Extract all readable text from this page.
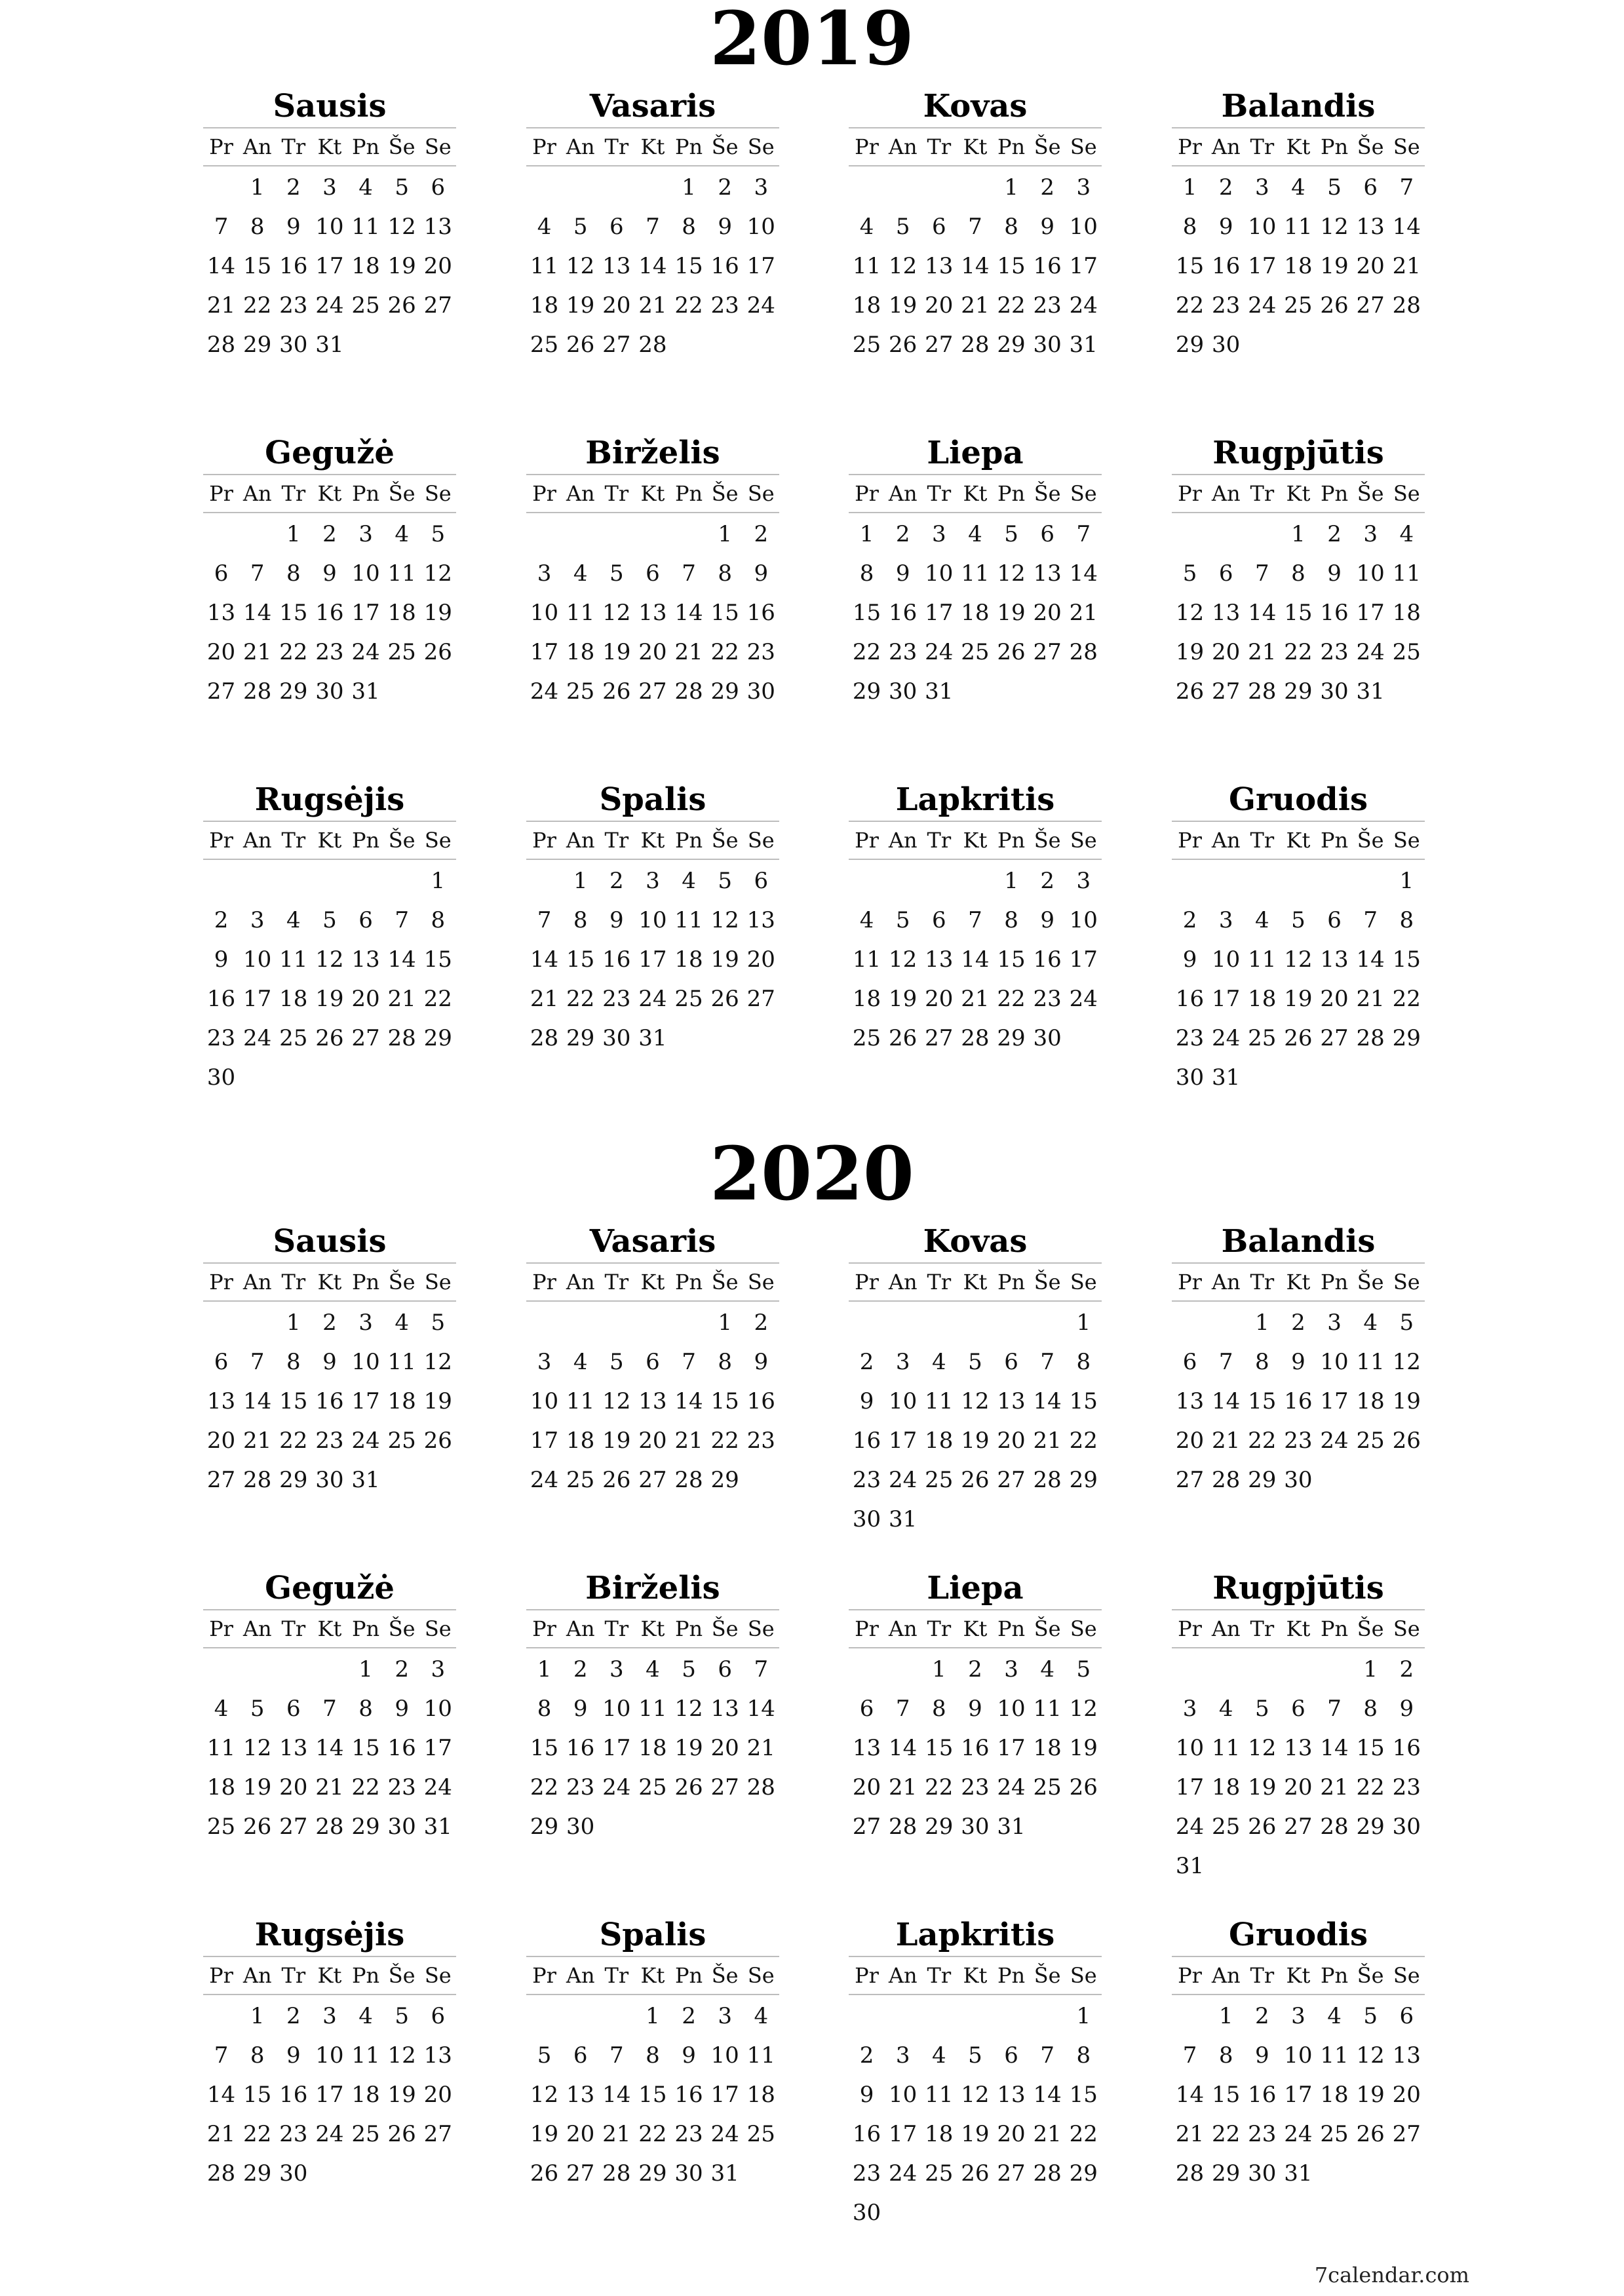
2019
Sausis
Pr An Tr Kt Pn Še Se
1 2 3 4 5 6
7 8 9 10 11 12 13
14 15 16 17 18 19 20
21 22 23 24 25 26 27
28 29 30 31
Vasaris
Pr An Tr Kt Pn Še Se
1 2 3
4 5 6 7 8 9 10
11 12 13 14 15 16 17
18 19 20 21 22 23 24
25 26 27 28
Kovas
Pr An Tr Kt Pn Še Se
1 2 3
4 5 6 7 8 9 10
11 12 13 14 15 16 17
18 19 20 21 22 23 24
25 26 27 28 29 30 31
Balandis
Pr An Tr Kt Pn Še Se
1 2 3 4 5 6 7
8 9 10 11 12 13 14
15 16 17 18 19 20 21
22 23 24 25 26 27 28
29 30
Gegužė
Pr An Tr Kt Pn Še Se
1 2 3 4 5
6 7 8 9 10 11 12
13 14 15 16 17 18 19
20 21 22 23 24 25 26
27 28 29 30 31
Birželis
Pr An Tr Kt Pn Še Se
1 2
3 4 5 6 7 8 9
10 11 12 13 14 15 16
17 18 19 20 21 22 23
24 25 26 27 28 29 30
Liepa
Pr An Tr Kt Pn Še Se
1 2 3 4 5 6 7
8 9 10 11 12 13 14
15 16 17 18 19 20 21
22 23 24 25 26 27 28
29 30 31
Rugpjūtis
Pr An Tr Kt Pn Še Se
1 2 3 4
5 6 7 8 9 10 11
12 13 14 15 16 17 18
19 20 21 22 23 24 25
26 27 28 29 30 31
Rugsėjis
Pr An Tr Kt Pn Še Se
1
2 3 4 5 6 7 8
9 10 11 12 13 14 15
16 17 18 19 20 21 22
23 24 25 26 27 28 29
30
Spalis
Pr An Tr Kt Pn Še Se
1 2 3 4 5 6
7 8 9 10 11 12 13
14 15 16 17 18 19 20
21 22 23 24 25 26 27
28 29 30 31
Lapkritis
Pr An Tr Kt Pn Še Se
1 2 3
4 5 6 7 8 9 10
11 12 13 14 15 16 17
18 19 20 21 22 23 24
25 26 27 28 29 30
Gruodis
Pr An Tr Kt Pn Še Se
1
2 3 4 5 6 7 8
9 10 11 12 13 14 15
16 17 18 19 20 21 22
23 24 25 26 27 28 29
30 31
2020
Sausis
Pr An Tr Kt Pn Še Se
1 2 3 4 5
6 7 8 9 10 11 12
13 14 15 16 17 18 19
20 21 22 23 24 25 26
27 28 29 30 31
Vasaris
Pr An Tr Kt Pn Še Se
1 2
3 4 5 6 7 8 9
10 11 12 13 14 15 16
17 18 19 20 21 22 23
24 25 26 27 28 29
Kovas
Pr An Tr Kt Pn Še Se
1
2 3 4 5 6 7 8
9 10 11 12 13 14 15
16 17 18 19 20 21 22
23 24 25 26 27 28 29
30 31
Balandis
Pr An Tr Kt Pn Še Se
1 2 3 4 5
6 7 8 9 10 11 12
13 14 15 16 17 18 19
20 21 22 23 24 25 26
27 28 29 30
Gegužė
Pr An Tr Kt Pn Še Se
1 2 3
4 5 6 7 8 9 10
11 12 13 14 15 16 17
18 19 20 21 22 23 24
25 26 27 28 29 30 31
Birželis
Pr An Tr Kt Pn Še Se
1 2 3 4 5 6 7
8 9 10 11 12 13 14
15 16 17 18 19 20 21
22 23 24 25 26 27 28
29 30
Liepa
Pr An Tr Kt Pn Še Se
1 2 3 4 5
6 7 8 9 10 11 12
13 14 15 16 17 18 19
20 21 22 23 24 25 26
27 28 29 30 31
Rugpjūtis
Pr An Tr Kt Pn Še Se
1 2
3 4 5 6 7 8 9
10 11 12 13 14 15 16
17 18 19 20 21 22 23
24 25 26 27 28 29 30
31
Rugsėjis
Pr An Tr Kt Pn Še Se
1 2 3 4 5 6
7 8 9 10 11 12 13
14 15 16 17 18 19 20
21 22 23 24 25 26 27
28 29 30
Spalis
Pr An Tr Kt Pn Še Se
1 2 3 4
5 6 7 8 9 10 11
12 13 14 15 16 17 18
19 20 21 22 23 24 25
26 27 28 29 30 31
Lapkritis
Pr An Tr Kt Pn Še Se
1
2 3 4 5 6 7 8
9 10 11 12 13 14 15
16 17 18 19 20 21 22
23 24 25 26 27 28 29
30
Gruodis
Pr An Tr Kt Pn Še Se
1 2 3 4 5 6
7 8 9 10 11 12 13
14 15 16 17 18 19 20
21 22 23 24 25 26 27
28 29 30 31
7calendar.com
